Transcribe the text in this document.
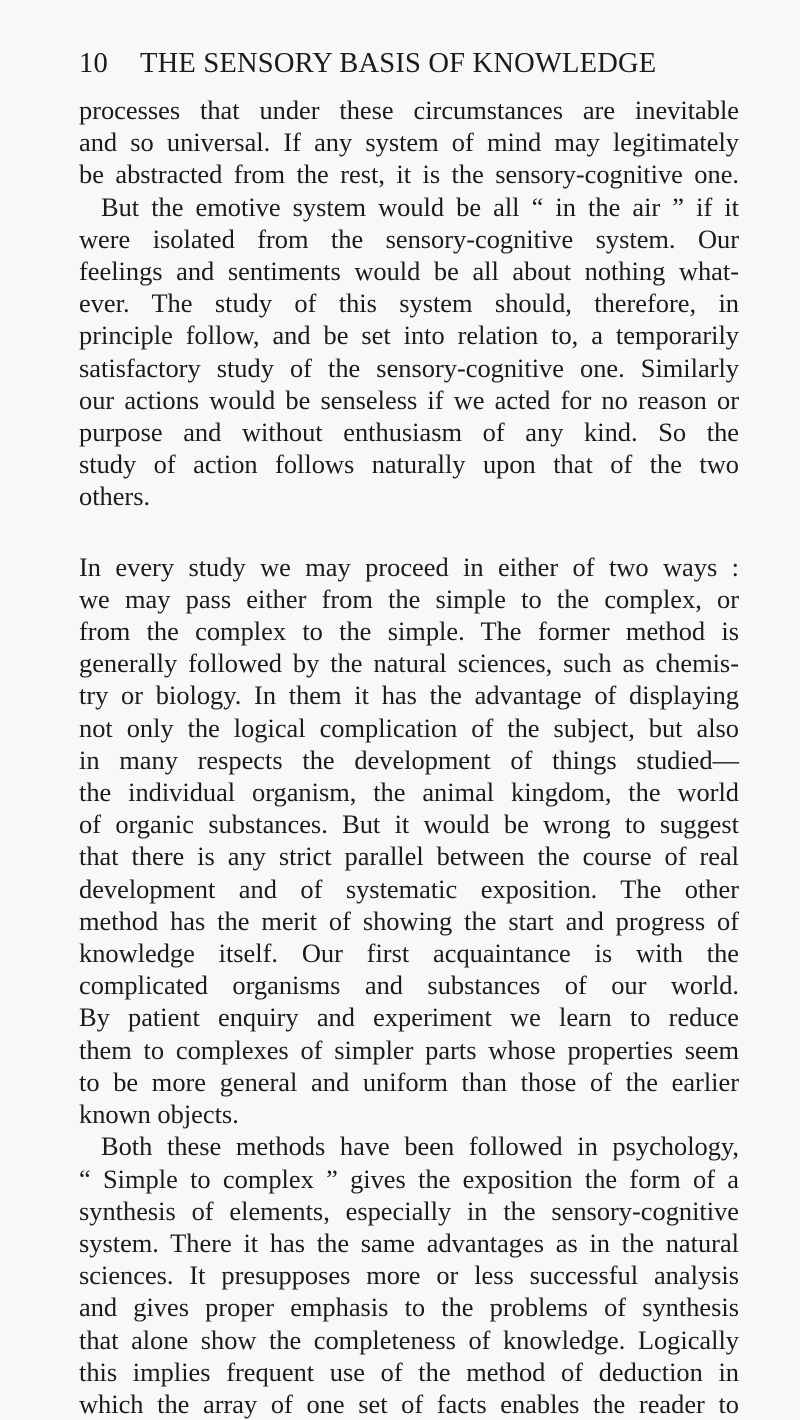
10	THE SENSORY BASIS OF KNOWLEDGE

processes that under these circumstances are inevitable
and so universal. If any system of mind may legitimately
be abstracted from the rest, it is the sensory-cognitive one.

But the emotive system would be all “ in the air ” if it
were isolated from the sensory-cognitive system. Our
feelings and sentiments would be all about nothing what-
ever. The study of this system should, therefore, in
principle follow, and be set into relation to, a temporarily
satisfactory study of the sensory-cognitive one. Similarly
our actions would be senseless if we acted for no reason or
purpose and without enthusiasm of any kind. So the
study of action follows naturally upon that of the two
others.

In every study we may proceed in either of two ways :
we may pass either from the simple to the complex, or
from the complex to the simple. The former method is
generally followed by the natural sciences, such as chemis-
try or biology. In them it has the advantage of displaying
not only the logical complication of the subject, but also
in many respects the development of things studied—
the individual organism, the animal kingdom, the world
of organic substances. But it would be wrong to suggest
that there is any strict parallel between the course of real
development and of systematic exposition. The other
method has the merit of showing the start and progress of
knowledge itself. Our first acquaintance is with the
complicated organisms and substances of our world.
By patient enquiry and experiment we learn to reduce
them to complexes of simpler parts whose properties seem
to be more general and uniform than those of the earlier
known objects.

Both these methods have been followed in psychology,
“ Simple to complex ” gives the exposition the form of a
synthesis of elements, especially in the sensory-cognitive
system. There it has the same advantages as in the natural
sciences. It presupposes more or less successful analysis
and gives proper emphasis to the problems of synthesis
that alone show the completeness of knowledge. Logically
this implies frequent use of the method of deduction in
which the array of one set of facts enables the reader to
